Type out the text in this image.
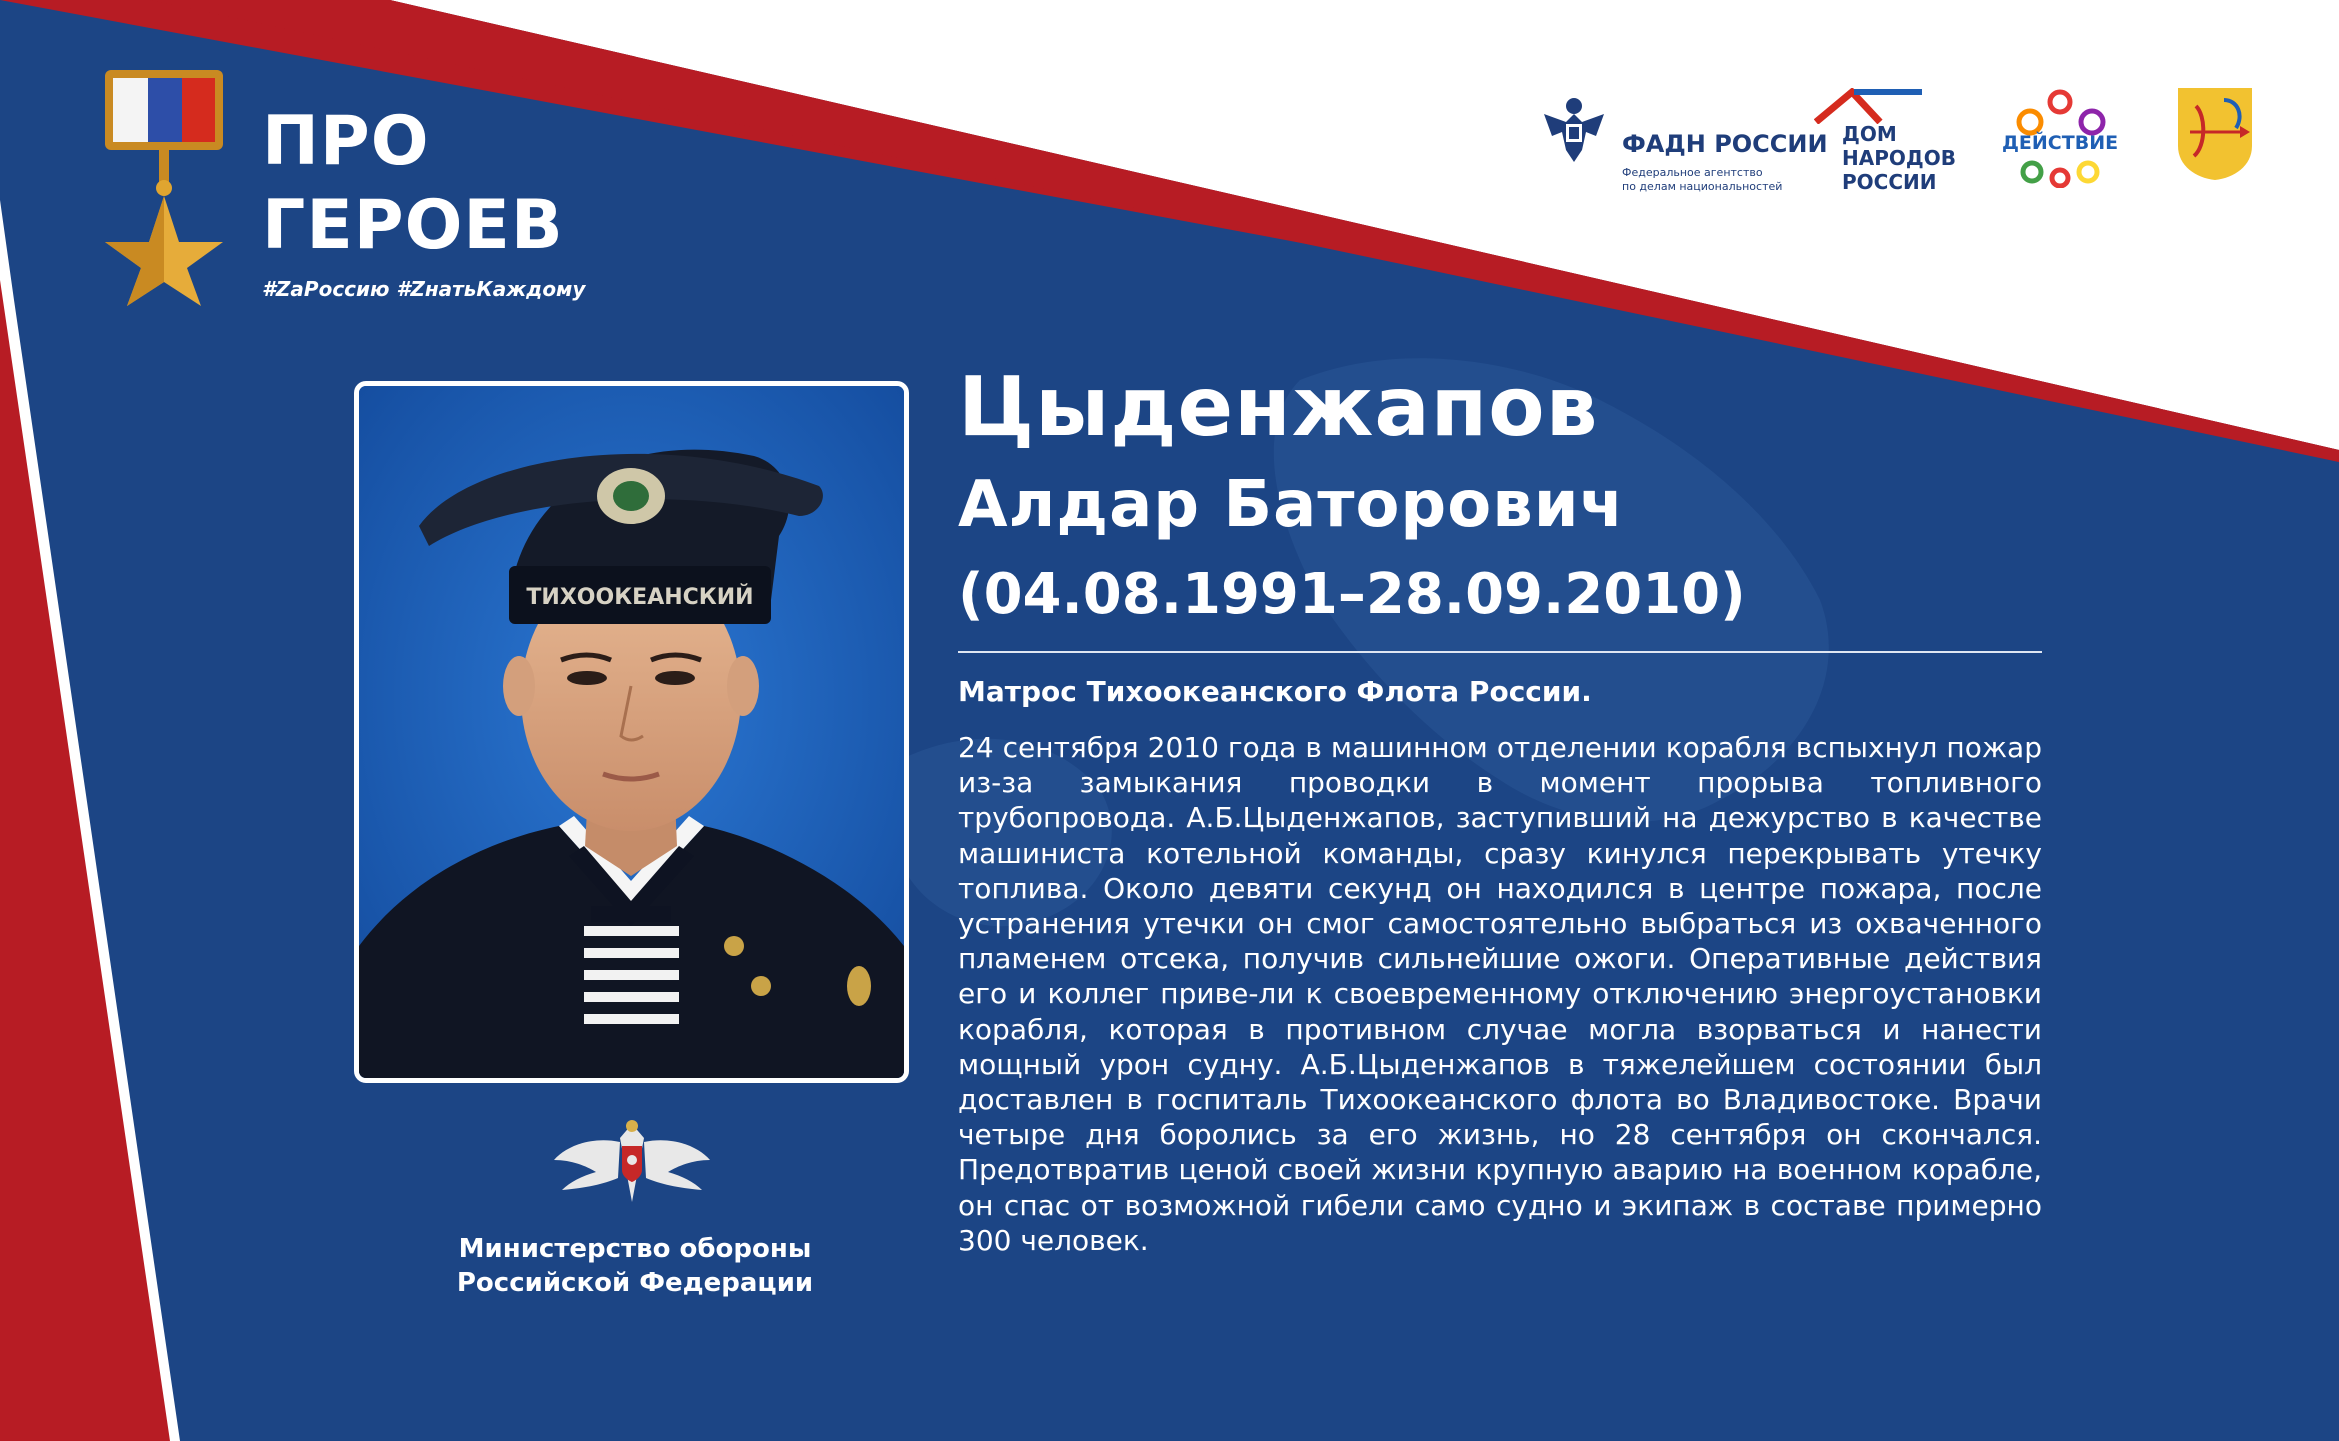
ПРО
ГЕРОЕВ
#ZaРоссию #ZнатьКаждому
ФАДН РОССИИ
Федеральное агентство
по делам национальностей
ДОМ
НАРОДОВ
РОССИИ
ДЕЙСТВИЕ
ТИХООКЕАНСКИЙ
Министерство обороны
Российской Федерации
Цыденжапов
Алдар Баторович
(04.08.1991–28.09.2010)
Матрос Тихоокеанского Флота России.
24 сентября 2010 года в машинном отделении корабля вспыхнул пожар из-за замыкания проводки в момент прорыва топливного трубопровода. А.Б.Цыденжапов, заступивший на дежурство в качестве машиниста котельной команды, сразу кинулся перекрывать утечку топлива. Около девяти секунд он находился в центре пожара, после устранения утечки он смог самостоятельно выбраться из охваченного пламенем отсека, получив сильнейшие ожоги. Оперативные действия его и коллег приве-ли к своевременному отключению энергоустановки корабля, которая в противном случае могла взорваться и нанести мощный урон судну. А.Б.Цыденжапов в тяжелейшем состоянии был доставлен в госпиталь Тихоокеанского флота во Владивостоке. Врачи четыре дня боролись за его жизнь, но 28 сентября он скончался. Предотвратив ценой своей жизни крупную аварию на военном корабле, он спас от возможной гибели само судно и экипаж в составе примерно 300 человек.
